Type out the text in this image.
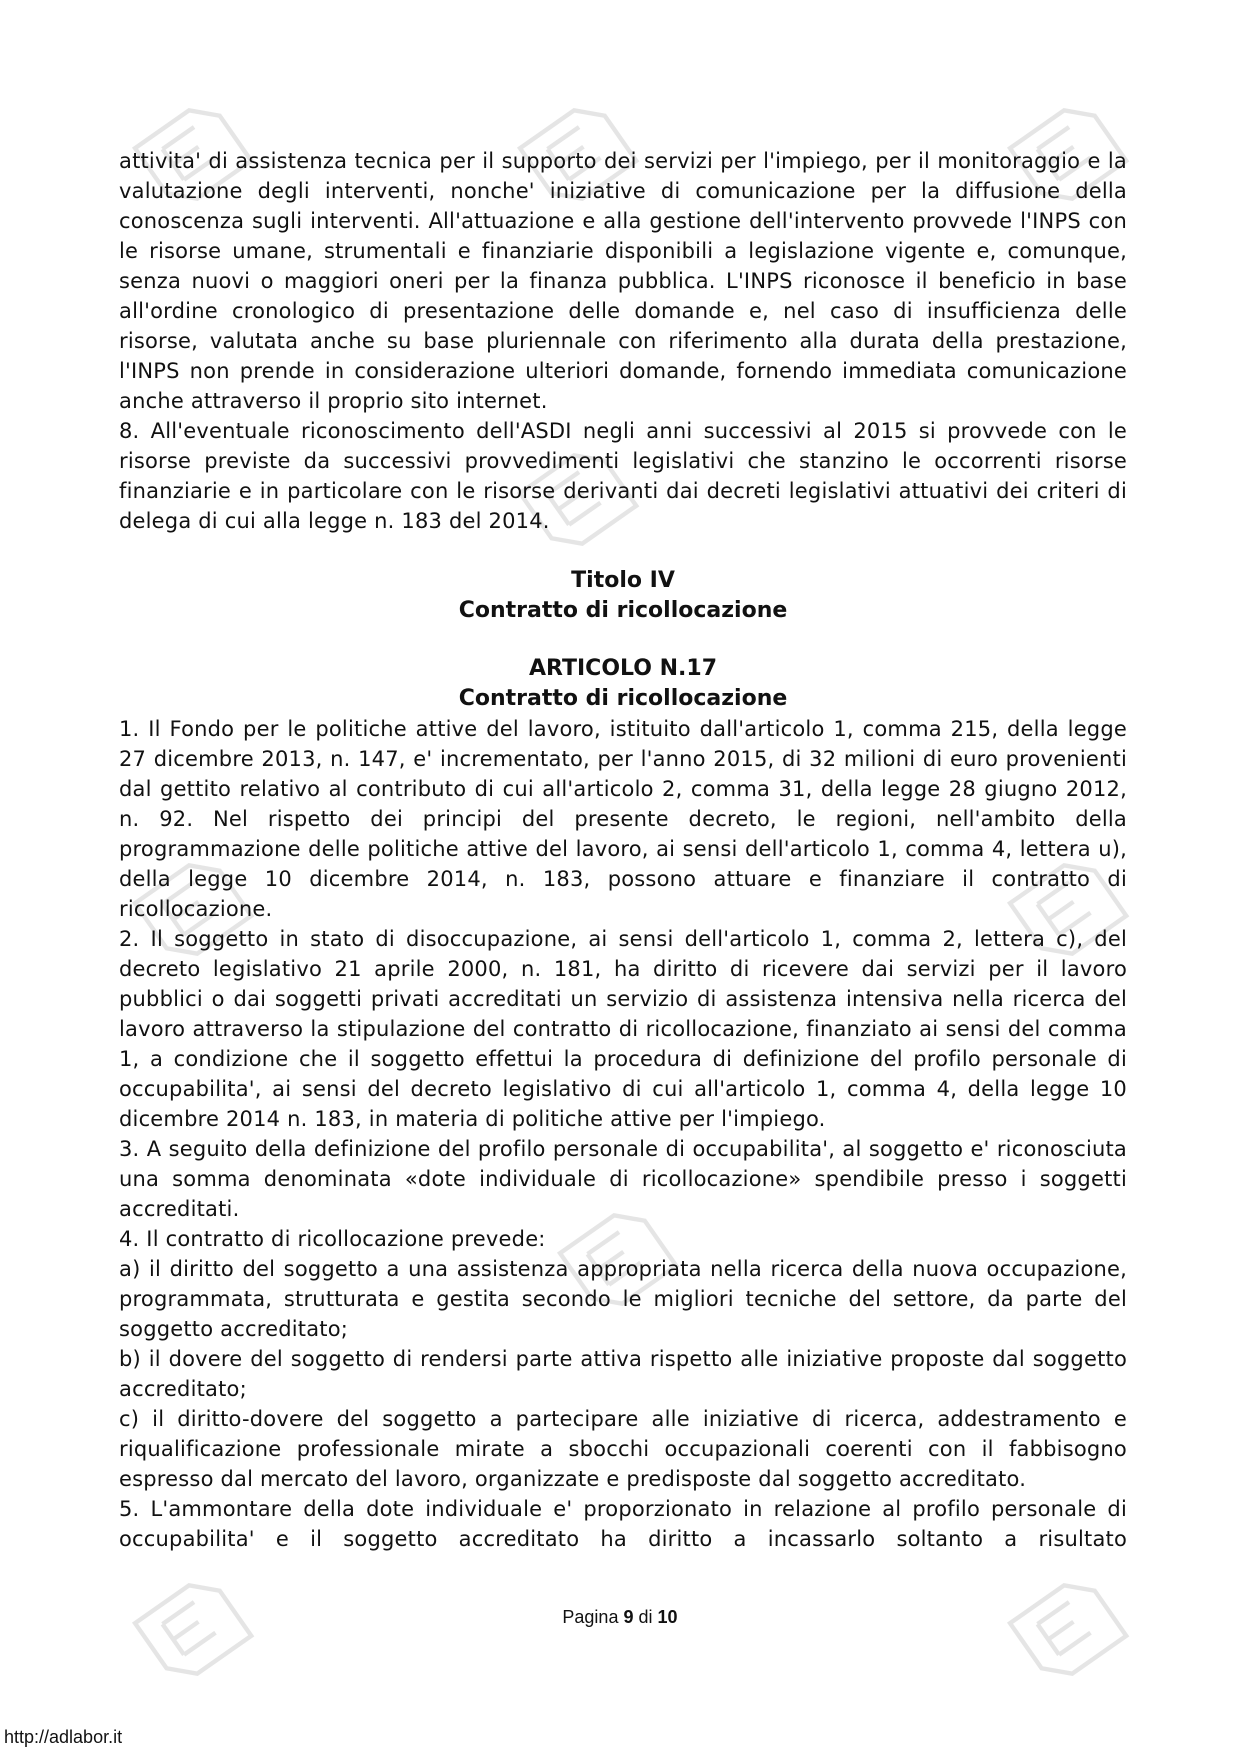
attivita' di assistenza tecnica per il supporto dei servizi per l'impiego, per il monitoraggio e la valutazione degli interventi, nonche' iniziative di comunicazione per la diffusione della conoscenza sugli interventi. All'attuazione e alla gestione dell'intervento provvede l'INPS con le risorse umane, strumentali e finanziarie disponibili a legislazione vigente e, comunque, senza nuovi o maggiori oneri per la finanza pubblica. L'INPS riconosce il beneficio in base all'ordine cronologico di presentazione delle domande e, nel caso di insufficienza delle risorse, valutata anche su base pluriennale con riferimento alla durata della prestazione, l'INPS non prende in considerazione ulteriori domande, fornendo immediata comunicazione anche attraverso il proprio sito internet.

8. All'eventuale riconoscimento dell'ASDI negli anni successivi al 2015 si provvede con le risorse previste da successivi provvedimenti legislativi che stanzino le occorrenti risorse finanziarie e in particolare con le risorse derivanti dai decreti legislativi attuativi dei criteri di delega di cui alla legge n. 183 del 2014.

Titolo IV

Contratto di ricollocazione

ARTICOLO N.17

Contratto di ricollocazione

1. Il Fondo per le politiche attive del lavoro, istituito dall'articolo 1, comma 215, della legge 27 dicembre 2013, n. 147, e' incrementato, per l'anno 2015, di 32 milioni di euro provenienti dal gettito relativo al contributo di cui all'articolo 2, comma 31, della legge 28 giugno 2012, n. 92. Nel rispetto dei principi del presente decreto, le regioni, nell'ambito della programmazione delle politiche attive del lavoro, ai sensi dell'articolo 1, comma 4, lettera u), della legge 10 dicembre 2014, n. 183, possono attuare e finanziare il contratto di ricollocazione.

2. Il soggetto in stato di disoccupazione, ai sensi dell'articolo 1, comma 2, lettera c), del decreto legislativo 21 aprile 2000, n. 181, ha diritto di ricevere dai servizi per il lavoro pubblici o dai soggetti privati accreditati un servizio di assistenza intensiva nella ricerca del lavoro attraverso la stipulazione del contratto di ricollocazione, finanziato ai sensi del comma 1, a condizione che il soggetto effettui la procedura di definizione del profilo personale di occupabilita', ai sensi del decreto legislativo di cui all'articolo 1, comma 4, della legge 10 dicembre 2014 n. 183, in materia di politiche attive per l'impiego.

3. A seguito della definizione del profilo personale di occupabilita', al soggetto e' riconosciuta una somma denominata «dote individuale di ricollocazione» spendibile presso i soggetti accreditati.

4. Il contratto di ricollocazione prevede:

a) il diritto del soggetto a una assistenza appropriata nella ricerca della nuova occupazione, programmata, strutturata e gestita secondo le migliori tecniche del settore, da parte del soggetto accreditato;

b) il dovere del soggetto di rendersi parte attiva rispetto alle iniziative proposte dal soggetto accreditato;

c) il diritto-dovere del soggetto a partecipare alle iniziative di ricerca, addestramento e riqualificazione professionale mirate a sbocchi occupazionali coerenti con il fabbisogno espresso dal mercato del lavoro, organizzate e predisposte dal soggetto accreditato.

5. L'ammontare della dote individuale e' proporzionato in relazione al profilo personale di occupabilita' e il soggetto accreditato ha diritto a incassarlo soltanto a risultato

Pagina 9 di 10
http://adlabor.it
